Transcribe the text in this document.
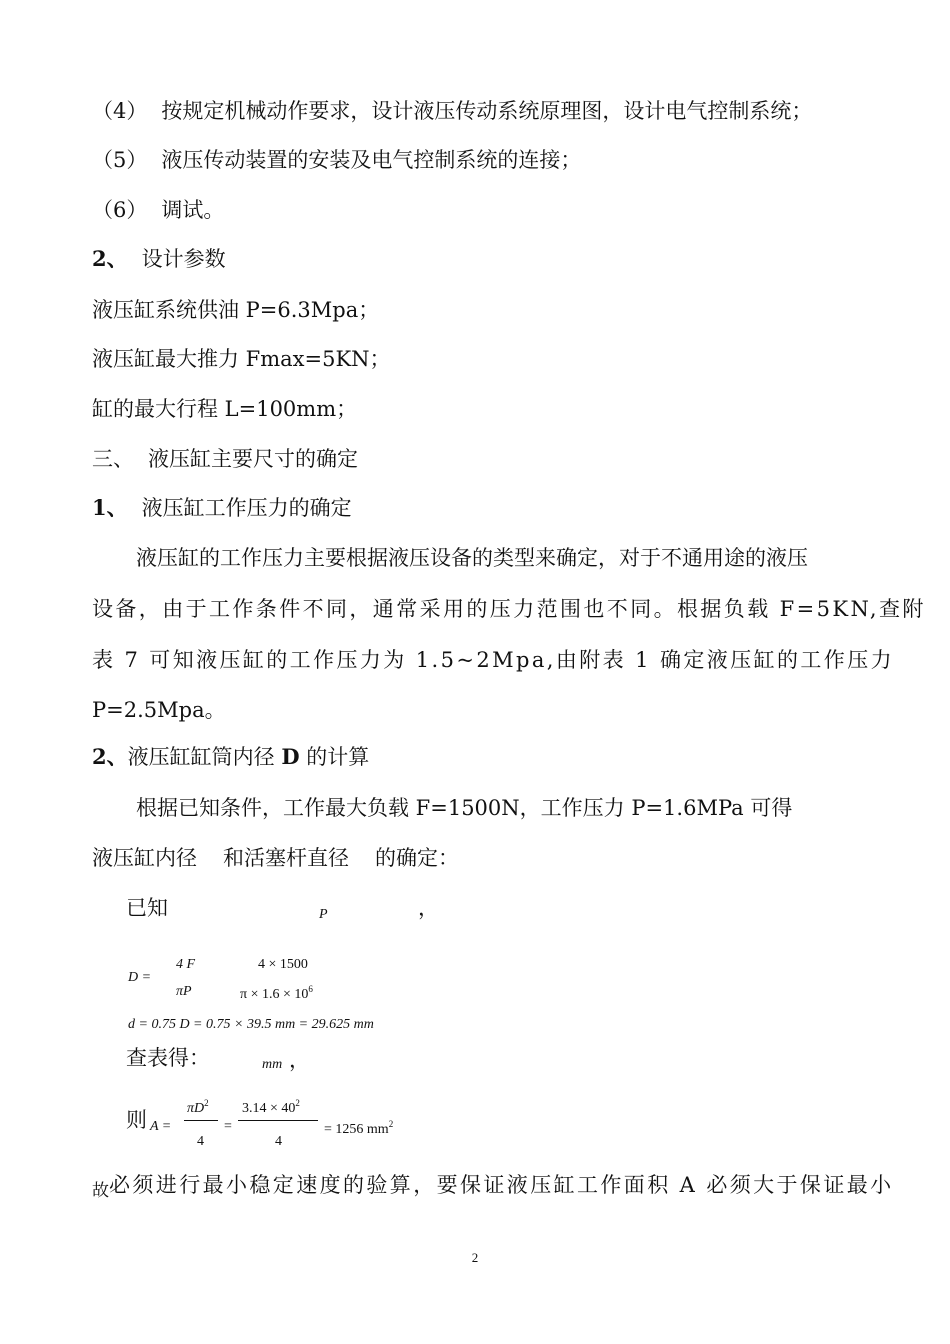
（4） 按规定机械动作要求，设计液压传动系统原理图，设计电气控制系统；
（5） 液压传动装置的安装及电气控制系统的连接；
（6） 调试。
2、 设计参数
液压缸系统供油 P=6.3Mpa；
液压缸最大推力 Fmax=5KN；
缸的最大行程 L=100mm；
三、 液压缸主要尺寸的确定
1、 液压缸工作压力的确定
液压缸的工作压力主要根据液压设备的类型来确定，对于不通用途的液压
设备，由于工作条件不同，通常采用的压力范围也不同。根据负载 F=5KN,查附
表 7 可知液压缸的工作压力为 1.5~2Mpa,由附表 1 确定液压缸的工作压力
P=2.5Mpa。
2、液压缸缸筒内径 D 的计算
根据已知条件，工作最大负载 F=1500N，工作压力 P=1.6MPa 可得
液压缸内径 和活塞杆直径 的确定：
已知	P	，
D =
4 F
πP
4 × 1500
$\pi \times 1.6 \times 10^6$
d = 0.75 D = 0.75 × 39.5 mm = 29.625 mm
查表得：	mm ，
则 A =
$\pi D^2$
4
=
$3.14 \times 40^2$
4
= 1256 $mm^2$
故必须进行最小稳定速度的验算，要保证液压缸工作面积 A 必须大于保证最小
2
